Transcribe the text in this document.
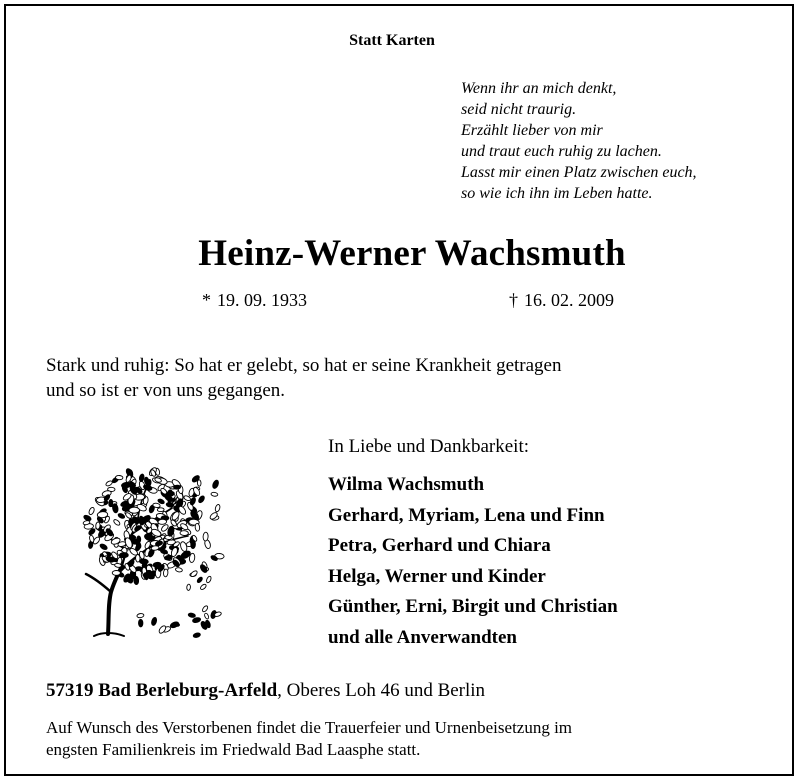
Statt Karten
Wenn ihr an mich denkt,
seid nicht traurig.
Erzählt lieber von mir
und traut euch ruhig zu lachen.
Lasst mir einen Platz zwischen euch,
so wie ich ihn im Leben hatte.
Heinz-Werner Wachsmuth
* 19. 09. 1933	† 16. 02. 2009
Stark und ruhig: So hat er gelebt, so hat er seine Krankheit getragen
und so ist er von uns gegangen.
In Liebe und Dankbarkeit:
Wilma Wachsmuth
Gerhard, Myriam, Lena und Finn
Petra, Gerhard und Chiara
Helga, Werner und Kinder
Günther, Erni, Birgit und Christian
und alle Anverwandten
57319 Bad Berleburg-Arfeld, Oberes Loh 46 und Berlin
Auf Wunsch des Verstorbenen findet die Trauerfeier und Urnenbeisetzung im
engsten Familienkreis im Friedwald Bad Laasphe statt.
